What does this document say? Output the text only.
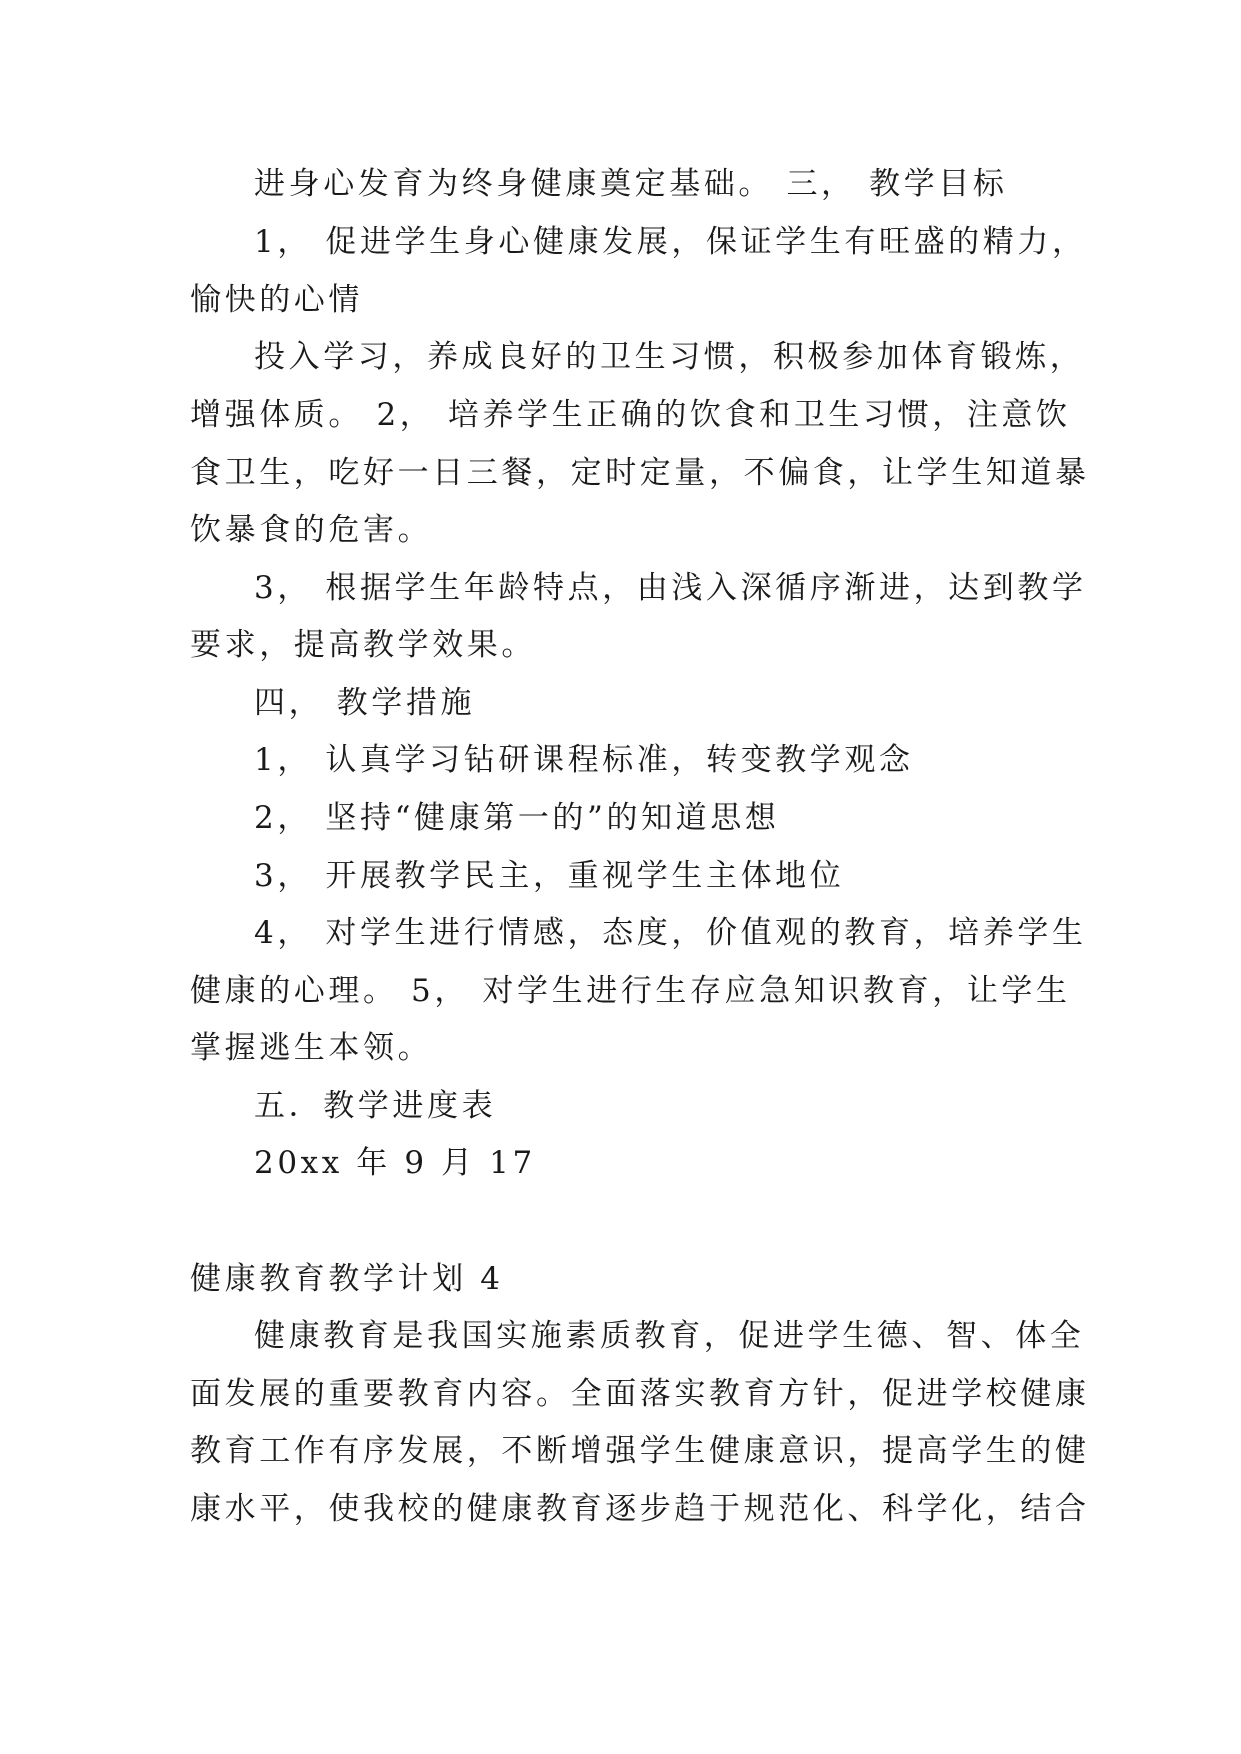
进身心发育为终身健康奠定基础。 三， 教学目标
1， 促进学生身心健康发展，保证学生有旺盛的精力，
愉快的心情
投入学习，养成良好的卫生习惯，积极参加体育锻炼，
增强体质。 2， 培养学生正确的饮食和卫生习惯，注意饮
食卫生，吃好一日三餐，定时定量，不偏食，让学生知道暴
饮暴食的危害。
3， 根据学生年龄特点，由浅入深循序渐进，达到教学
要求，提高教学效果。
四， 教学措施
1， 认真学习钻研课程标准，转变教学观念
2， 坚持“健康第一的”的知道思想
3， 开展教学民主，重视学生主体地位
4， 对学生进行情感，态度，价值观的教育，培养学生
健康的心理。 5， 对学生进行生存应急知识教育，让学生
掌握逃生本领。
五．教学进度表
20xx 年 9 月 17
健康教育教学计划 4
健康教育是我国实施素质教育，促进学生德、智、体全
面发展的重要教育内容。全面落实教育方针，促进学校健康
教育工作有序发展，不断增强学生健康意识，提高学生的健
康水平，使我校的健康教育逐步趋于规范化、科学化，结合
